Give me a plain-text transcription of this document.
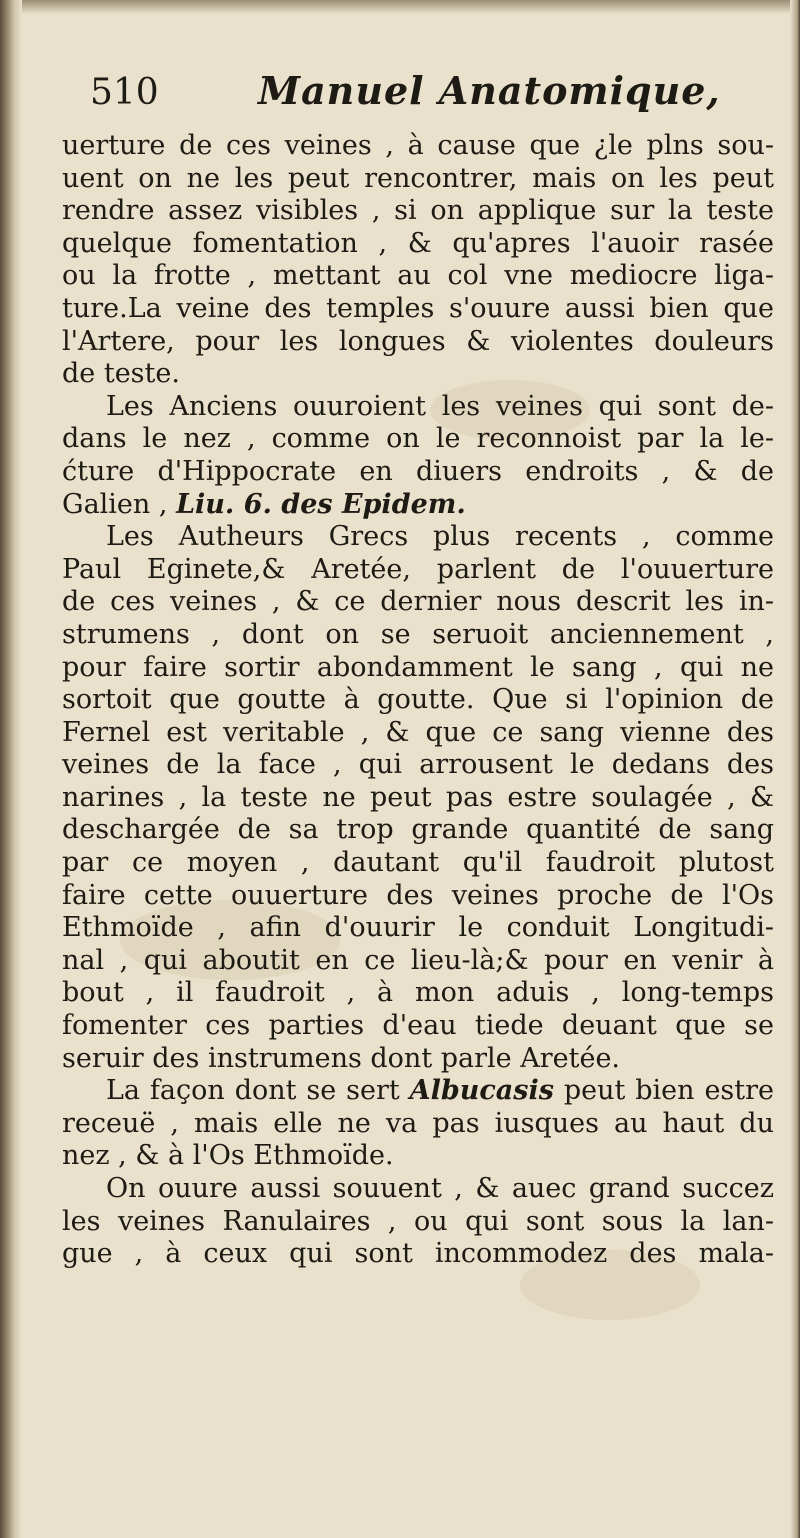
510	Manuel Anatomique,
uerture de ces veines , à cause que ¿le plns sou-
uent on ne les peut rencontrer, mais on les peut
rendre assez visibles , si on applique sur la teste
quelque fomentation , & qu'apres l'auoir rasée
ou la frotte , mettant au col vne mediocre liga-
ture.La veine des temples s'ouure aussi bien que
l'Artere, pour les longues & violentes douleurs
de teste.
Les Anciens ouuroient les veines qui sont de-
dans le nez , comme on le reconnoist par la le-
ćture d'Hippocrate en diuers endroits , & de
Galien , Liu. 6. des Epidem.
Les Autheurs Grecs plus recents , comme
Paul Eginete,& Aretée, parlent de l'ouuerture
de ces veines , & ce dernier nous descrit les in-
strumens , dont on se seruoit anciennement ,
pour faire sortir abondamment le sang , qui ne
sortoit que goutte à goutte. Que si l'opinion de
Fernel est veritable , & que ce sang vienne des
veines de la face , qui arrousent le dedans des
narines , la teste ne peut pas estre soulagée , &
deschargée de sa trop grande quantité de sang
par ce moyen , dautant qu'il faudroit plutost
faire cette ouuerture des veines proche de l'Os
Ethmoïde , afin d'ouurir le conduit Longitudi-
nal , qui aboutit en ce lieu-là;& pour en venir à
bout , il faudroit , à mon aduis , long-temps
fomenter ces parties d'eau tiede deuant que se
seruir des instrumens dont parle Aretée.
La façon dont se sert Albucasis peut bien estre
receuë , mais elle ne va pas iusques au haut du
nez , & à l'Os Ethmoïde.
On ouure aussi souuent , & auec grand succez
les veines Ranulaires , ou qui sont sous la lan-
gue , à ceux qui sont incommodez des mala-
